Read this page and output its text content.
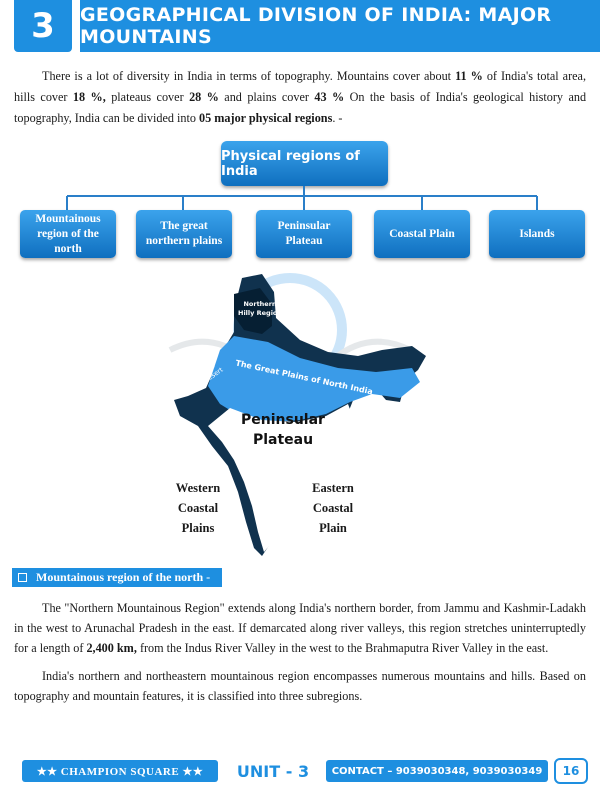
3	GEOGRAPHICAL DIVISION OF INDIA: MAJOR MOUNTAINS

There is a lot of diversity in India in terms of topography. Mountains cover about 11 % of India's total area, hills cover 18 %, plateaus cover 28 % and plains cover 43 % On the basis of India's geological history and topography, India can be divided into 05 major physical regions. -

Physical regions of India
Mountainous region of the north
The great northern plains
Peninsular Plateau
Coastal Plain	Islands
Northern Hilly Region
Thar Desert	The Great Plains of North India
Peninsular
Plateau
Western Coastal Plains
Eastern Coastal Plain
Mountainous region of the north -

The "Northern Mountainous Region" extends along India's northern border, from Jammu and Kashmir-Ladakh in the west to Arunachal Pradesh in the east. If demarcated along river valleys, this region stretches uninterruptedly for a length of 2,400 km, from the Indus River Valley in the west to the Brahmaputra River Valley in the east.

India's northern and northeastern mountainous region encompasses numerous mountains and hills. Based on topography and mountain features, it is classified into three subregions.

★★ CHAMPION SQUARE ★★	UNIT - 3	CONTACT – 9039030348, 9039030349	16
